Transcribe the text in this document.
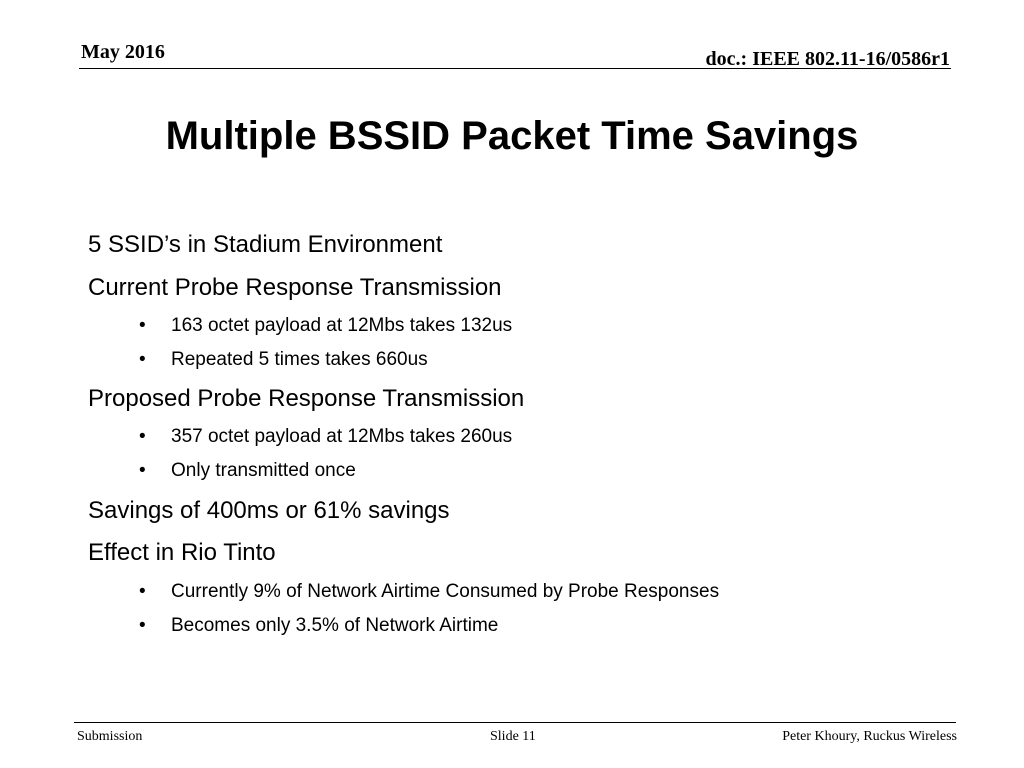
May 2016	doc.: IEEE 802.11-16/0586r1
Multiple BSSID Packet Time Savings
5 SSID’s in Stadium Environment
Current Probe Response Transmission
• 163 octet payload at 12Mbs takes 132us
• Repeated 5 times takes 660us
Proposed Probe Response Transmission
• 357 octet payload at 12Mbs takes 260us
• Only transmitted once
Savings of 400ms or 61% savings
Effect in Rio Tinto
• Currently 9% of Network Airtime Consumed by Probe Responses
• Becomes only 3.5% of Network Airtime
Submission	Slide 11	Peter Khoury, Ruckus Wireless
